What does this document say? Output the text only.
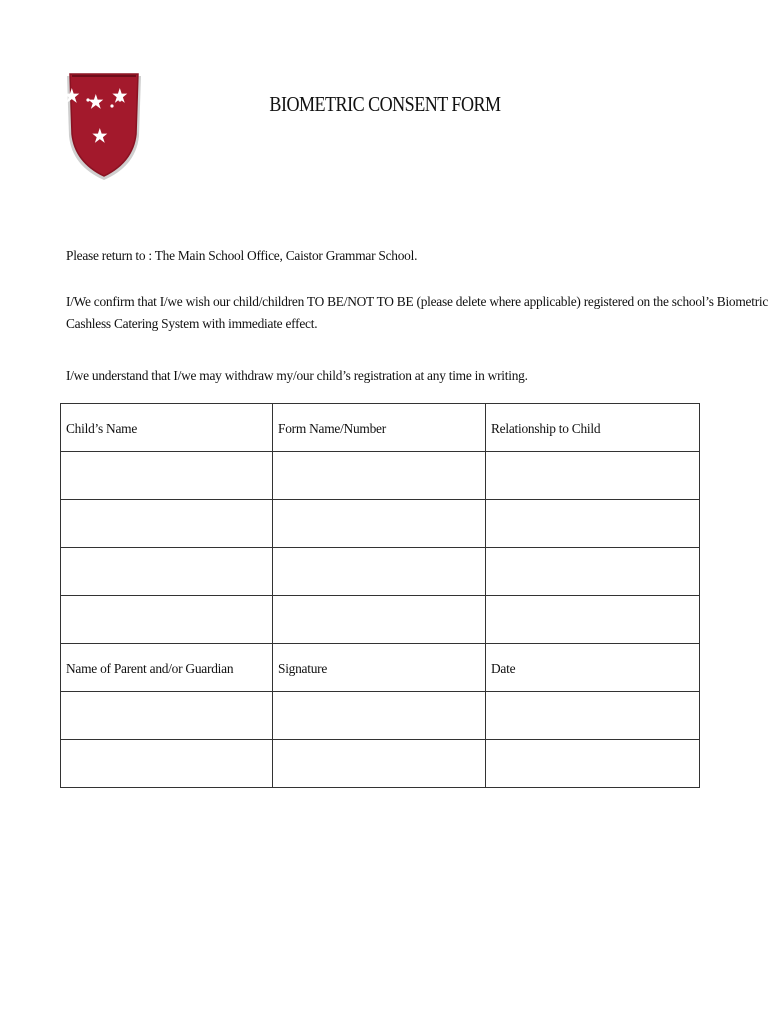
BIOMETRIC CONSENT FORM
Please return to : The Main School Office, Caistor Grammar School.
I/We confirm that I/we wish our child/children TO BE/NOT TO BE (please delete where applicable) registered on the school’s Biometric
Cashless Catering System with immediate effect.
I/we understand that I/we may withdraw my/our child’s registration at any time in writing.
Child’s Name	Form Name/Number	Relationship to Child

Name of Parent and/or Guardian	Signature	Date
